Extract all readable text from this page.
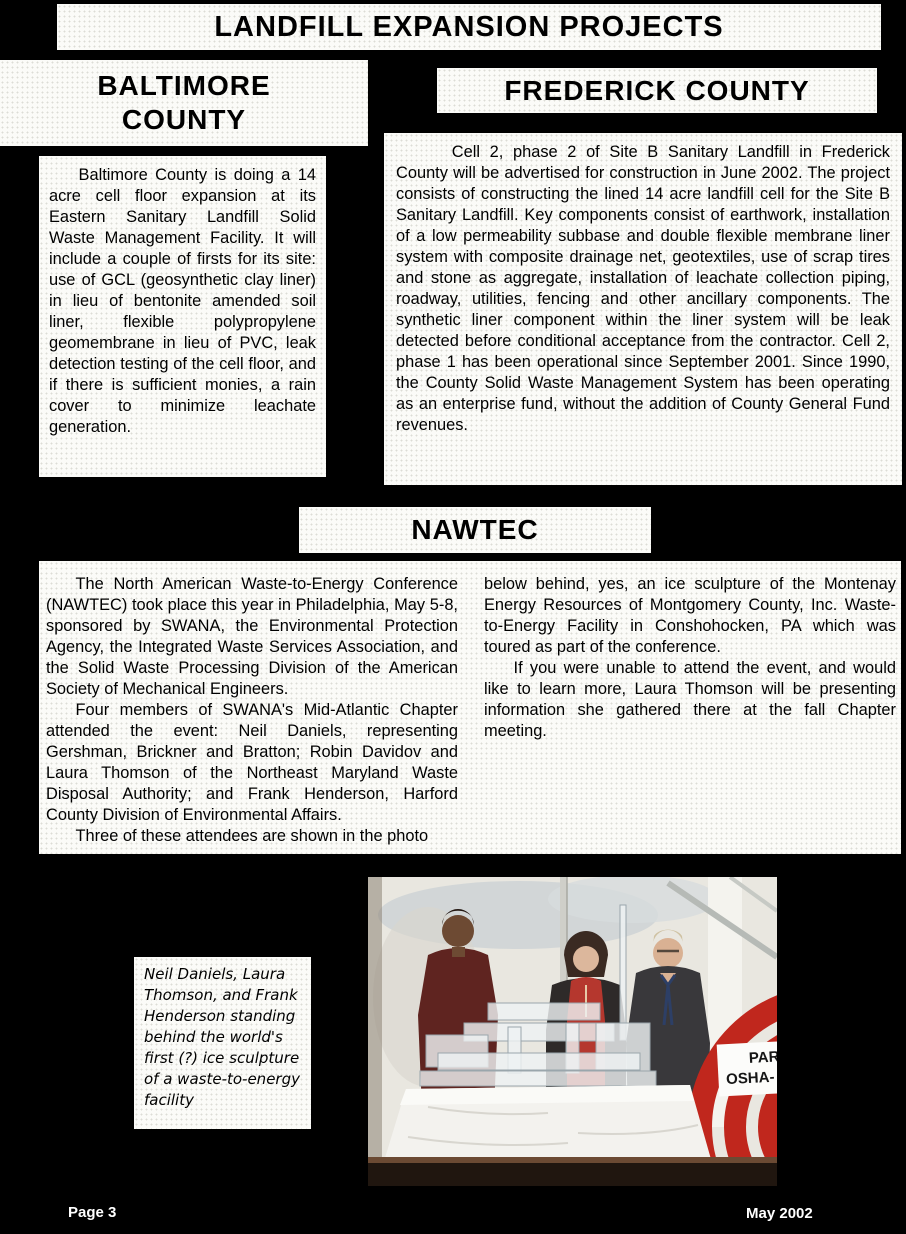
LANDFILL EXPANSION PROJECTS
BALTIMORE
COUNTY

Baltimore County is doing a 14 acre cell floor expansion at its Eastern Sanitary Landfill Solid Waste Management Facility. It will include a couple of firsts for its site: use of GCL (geosynthetic clay liner) in lieu of bentonite amended soil liner, flexible polypropylene geomembrane in lieu of PVC, leak detection testing of the cell floor, and if there is sufficient monies, a rain cover to minimize leachate generation.

FREDERICK COUNTY

Cell 2, phase 2 of Site B Sanitary Landfill in Frederick County will be advertised for construction in June 2002. The project consists of constructing the lined 14 acre landfill cell for the Site B Sanitary Landfill. Key components consist of earthwork, installation of a low permeability subbase and double flexible membrane liner system with composite drainage net, geotextiles, use of scrap tires and stone as aggregate, installation of leachate collection piping, roadway, utilities, fencing and other ancillary components. The synthetic liner component within the liner system will be leak detected before conditional acceptance from the contractor. Cell 2, phase 1 has been operational since September 2001. Since 1990, the County Solid Waste Management System has been operating as an enterprise fund, without the addition of County General Fund revenues.

NAWTEC

The North American Waste-to-Energy Conference (NAWTEC) took place this year in Philadelphia, May 5-8, sponsored by SWANA, the Environmental Protection Agency, the Integrated Waste Services Association, and the Solid Waste Processing Division of the American Society of Mechanical Engineers.

Four members of SWANA's Mid-Atlantic Chapter attended the event: Neil Daniels, representing Gershman, Brickner and Bratton; Robin Davidov and Laura Thomson of the Northeast Maryland Waste Disposal Authority; and Frank Henderson, Harford County Division of Environmental Affairs.

Three of these attendees are shown in the photo

below behind, yes, an ice sculpture of the Montenay Energy Resources of Montgomery County, Inc. Waste-to-Energy Facility in Conshohocken, PA which was toured as part of the conference.

If you were unable to attend the event, and would like to learn more, Laura Thomson will be presenting information she gathered there at the fall Chapter meeting.

Neil Daniels, Laura Thomson, and Frank Henderson standing behind the world's first (?) ice sculpture of a waste-to-energy facility
PAR
OSHA-
Page 3	May 2002
